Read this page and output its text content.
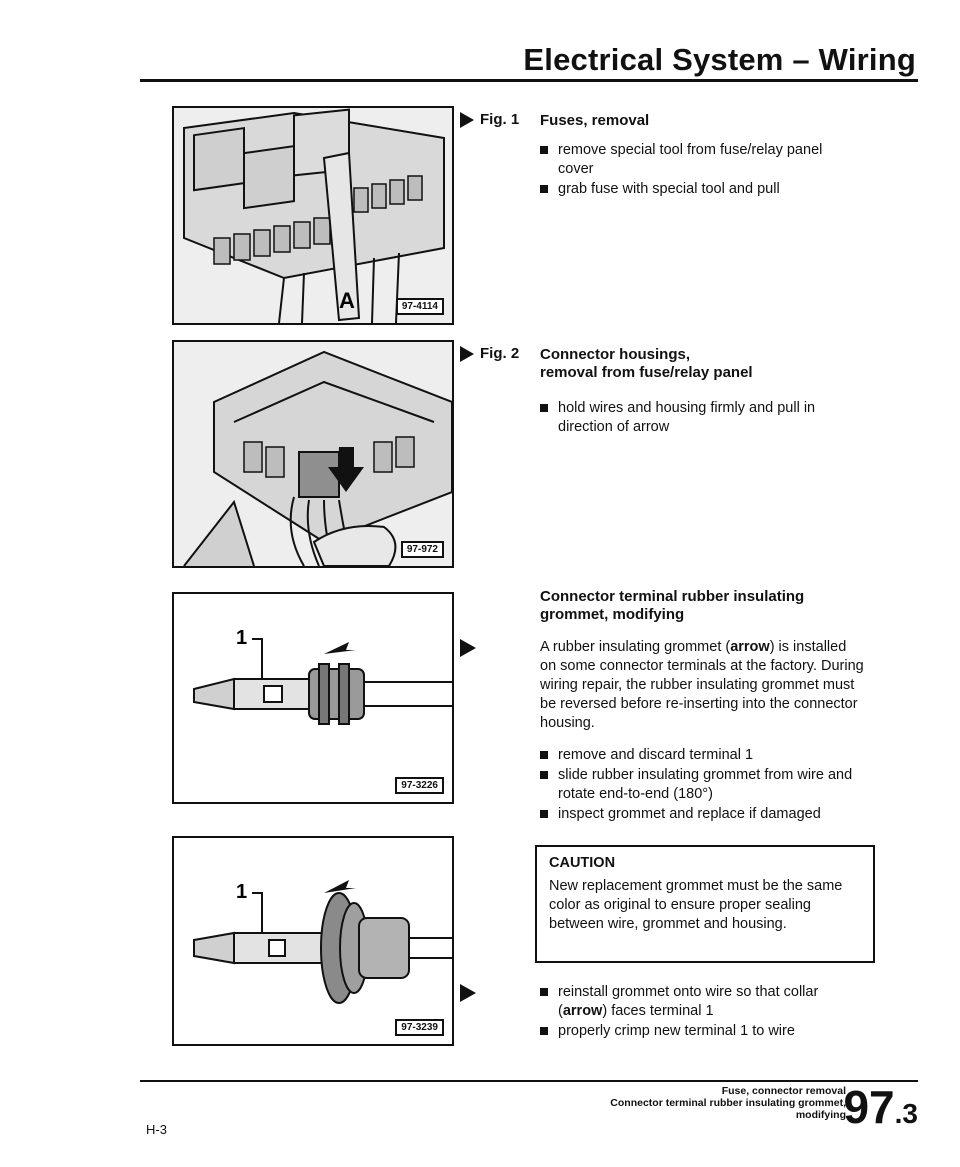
Electrical System – Wiring
A	97-4114
97-972
1
97-3226
1
97-3239
Fig. 1 Fuses, removal
remove special tool from fuse/relay panel cover
grab fuse with special tool and pull
Fig. 2 Connector housings,
removal from fuse/relay panel
hold wires and housing firmly and pull in direction of arrow
Connector terminal rubber insulating
grommet, modifying
A rubber insulating grommet (arrow) is installed on some connector terminals at the factory. During wiring repair, the rubber insulating grommet must be reversed before re-inserting into the connector housing.
remove and discard terminal 1
slide rubber insulating grommet from wire and rotate end-to-end (180°)
inspect grommet and replace if damaged
CAUTION
New replacement grommet must be the same color as original to ensure proper sealing between wire, grommet and housing.
reinstall grommet onto wire so that collar (arrow) faces terminal 1
properly crimp new terminal 1 to wire
H-3
Fuse, connector removal
Connector terminal rubber insulating grommet,
modifying
97.3
